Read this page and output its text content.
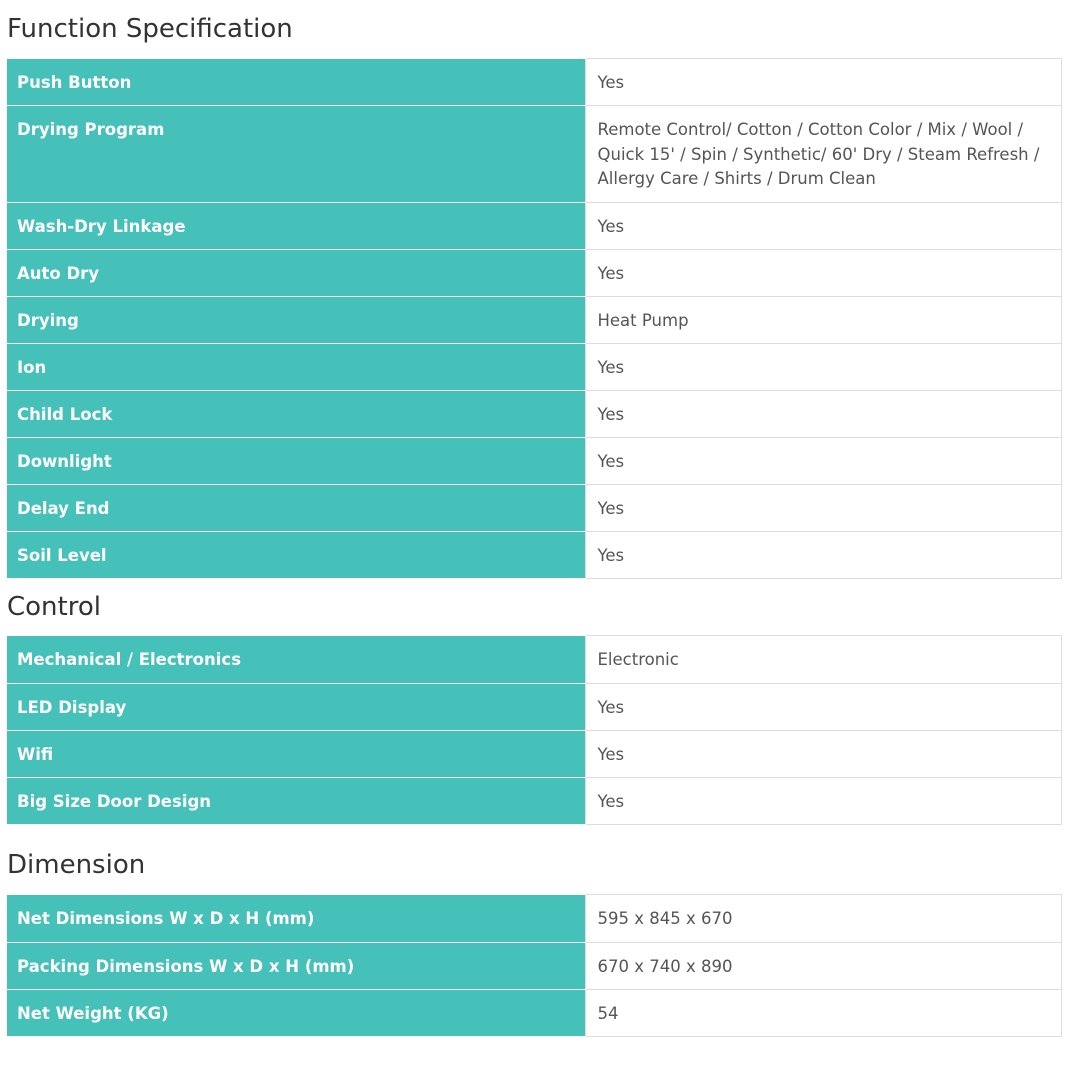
Function Specification
Push Button	Yes
Drying Program	Remote Control/ Cotton / Cotton Color / Mix / Wool / Quick 15' / Spin / Synthetic/ 60' Dry / Steam Refresh / Allergy Care / Shirts / Drum Clean
Wash-Dry Linkage	Yes
Auto Dry	Yes
Drying	Heat Pump
Ion	Yes
Child Lock	Yes
Downlight	Yes
Delay End	Yes
Soil Level	Yes
Control
Mechanical / Electronics	Electronic
LED Display	Yes
Wifi	Yes
Big Size Door Design	Yes
Dimension
Net Dimensions W x D x H (mm)	595 x 845 x 670
Packing Dimensions W x D x H (mm)	670 x 740 x 890
Net Weight (KG)	54
